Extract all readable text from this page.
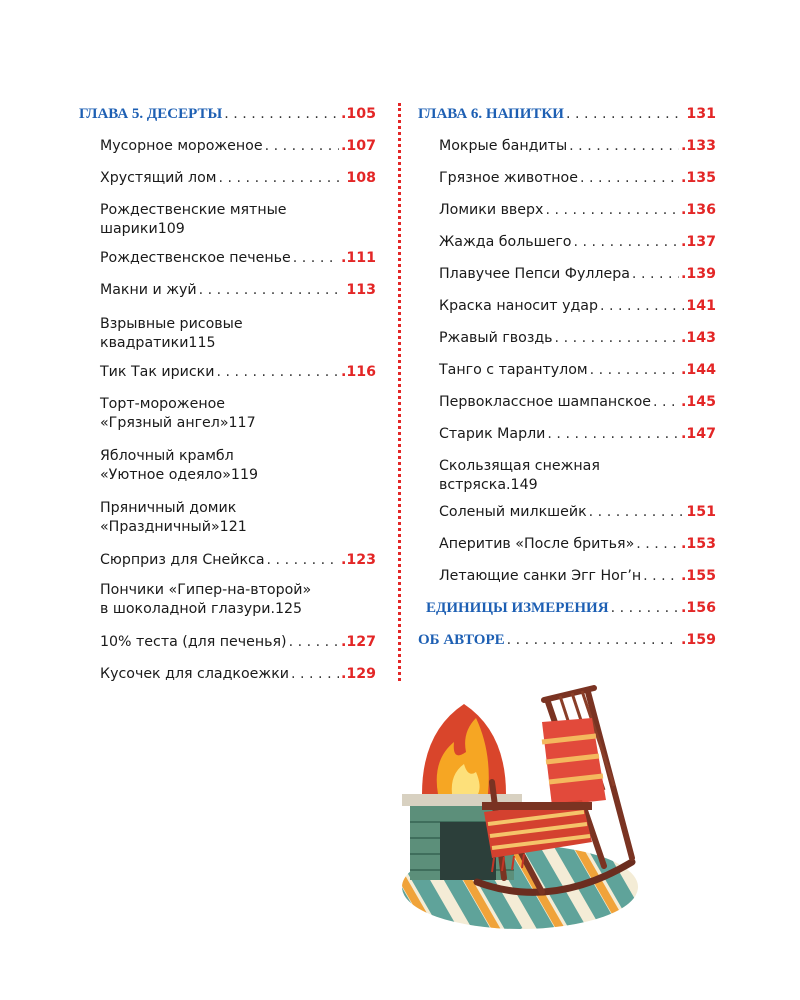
ГЛАВА 5. ДЕСЕРТЫ . . .	.105
Мусорное мороженое . . .	.107
Хрустящий лом . . .	108
Рождественские мятные
шарики 109
Рождественское печенье . . .	.111
Макни и жуй . . .	113
Взрывные рисовые
квадратики 115
Тик Так ириски . . .	.116
Торт-мороженое
«Грязный ангел» 117
Яблочный крамбл
«Уютное одеяло» 119
Пряничный домик
«Праздничный» 121
Сюрприз для Снейкса . . .	.123
Пончики «Гипер-на-второй»
в шоколадной глазури .125
10% теста (для печенья) . . .	.127
Кусочек для сладкоежки . . .	.129
ГЛАВА 6. НАПИТКИ . . .	131
Мокрые бандиты . . .	.133
Грязное животное . . .	.135
Ломики вверх . . .	.136
Жажда большего . . .	.137
Плавучее Пепси Фуллера . . .	.139
Краска наносит удар . . .	141
Ржавый гвоздь . . .	.143
Танго с тарантулом . . .	.144
Первоклассное шампанское . . . .145
Старик Марли . . .	.147
Скользящая снежная
встряска .149
Соленый милкшейк . . .	151
Аперитив «После бритья» . . .	.153
Летающие санки Эгг Ног’н . . .	.155
ЕДИНИЦЫ ИЗМЕРЕНИЯ . . .	.156
ОБ АВТОРЕ . . .	.159
